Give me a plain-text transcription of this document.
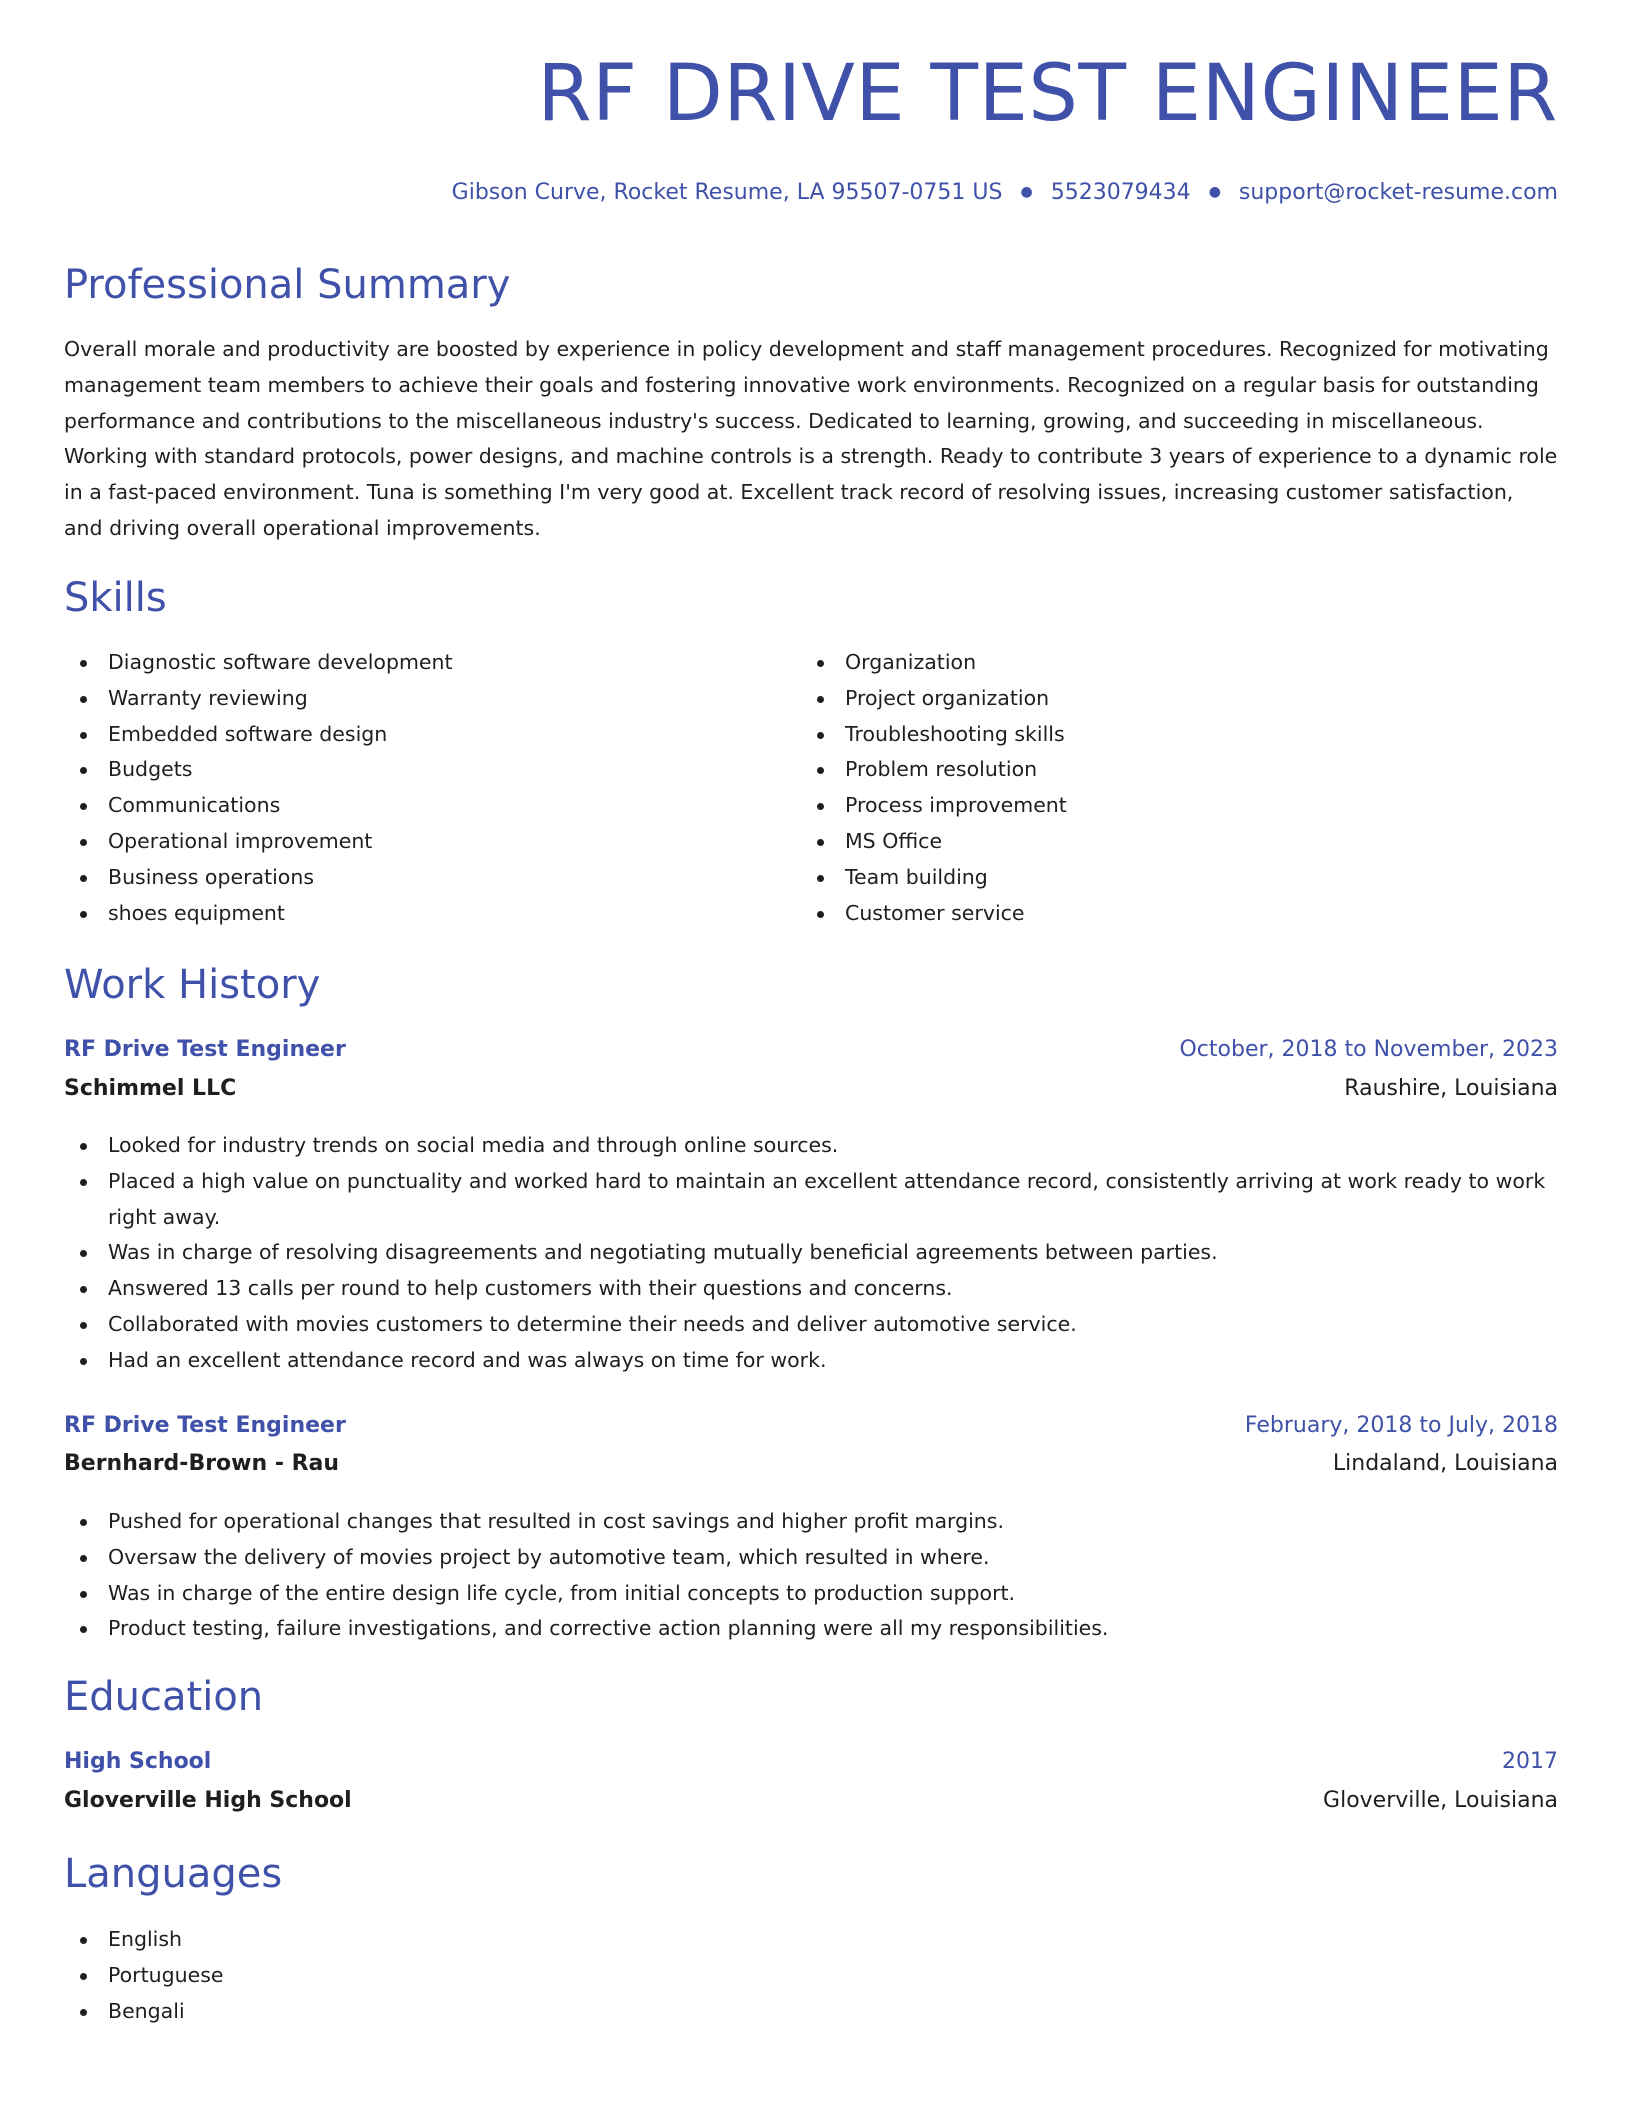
RF DRIVE TEST ENGINEER
Gibson Curve, Rocket Resume, LA 95507-0751 US ● 5523079434 ● support@rocket-resume.com
Professional Summary
Overall morale and productivity are boosted by experience in policy development and staff management procedures. Recognized for motivating management team members to achieve their goals and fostering innovative work environments. Recognized on a regular basis for outstanding performance and contributions to the miscellaneous industry's success. Dedicated to learning, growing, and succeeding in miscellaneous. Working with standard protocols, power designs, and machine controls is a strength. Ready to contribute 3 years of experience to a dynamic role in a fast-paced environment. Tuna is something I'm very good at. Excellent track record of resolving issues, increasing customer satisfaction, and driving overall operational improvements.
Skills
Diagnostic software development
Warranty reviewing
Embedded software design
Budgets
Communications
Operational improvement
Business operations
shoes equipment
Organization
Project organization
Troubleshooting skills
Problem resolution
Process improvement
MS Office
Team building
Customer service
Work History
RF Drive Test Engineer	October, 2018 to November, 2023
Schimmel LLC	Raushire, Louisiana
Looked for industry trends on social media and through online sources.
Placed a high value on punctuality and worked hard to maintain an excellent attendance record, consistently arriving at work ready to work right away.
Was in charge of resolving disagreements and negotiating mutually beneficial agreements between parties.
Answered 13 calls per round to help customers with their questions and concerns.
Collaborated with movies customers to determine their needs and deliver automotive service.
Had an excellent attendance record and was always on time for work.
RF Drive Test Engineer	February, 2018 to July, 2018
Bernhard-Brown - Rau	Lindaland, Louisiana
Pushed for operational changes that resulted in cost savings and higher profit margins.
Oversaw the delivery of movies project by automotive team, which resulted in where.
Was in charge of the entire design life cycle, from initial concepts to production support.
Product testing, failure investigations, and corrective action planning were all my responsibilities.
Education
High School	2017
Gloverville High School	Gloverville, Louisiana
Languages
English
Portuguese
Bengali
